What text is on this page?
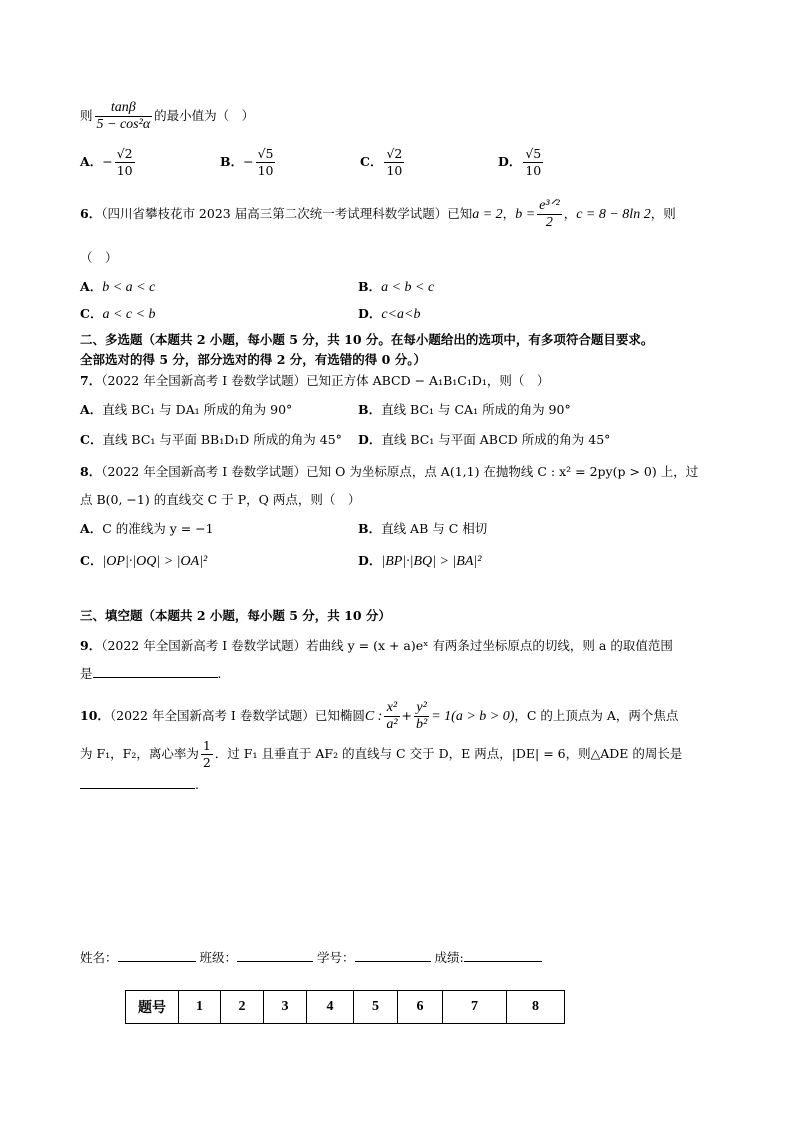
则 $\frac{\tan\beta}{\text{5 − cos²α}}$ 的最小值为（　）
A．− $\frac{√2}{10}$	B．− $\frac{√5}{10}$	C． $\frac{√2}{10}$	D． $\frac{√5}{10}$
6．（四川省攀枝花市 2023 届高三第二次统一考试理科数学试题）已知a = 2，$b = \frac{\text{e³ᐟ²}}{2}$ ，c = 8 − 8ln 2，则
（　）
A．b < a < c	B．a < b < c
C．a < c < b	D．c<a<b
二、多选题（本题共 2 小题，每小题 5 分，共 10 分。在每小题给出的选项中，有多项符合题目要求。
全部选对的得 5 分，部分选对的得 2 分，有选错的得 0 分。）
7．（2022 年全国新高考 I 卷数学试题）已知正方体 ABCD − A₁B₁C₁D₁，则（　）
A．直线 BC₁ 与 DA₁ 所成的角为 90°	B．直线 BC₁ 与 CA₁ 所成的角为 90°
C．直线 BC₁ 与平面 BB₁D₁D 所成的角为 45° D．直线 BC₁ 与平面 ABCD 所成的角为 45°
8．（2022 年全国新高考 I 卷数学试题）已知 O 为坐标原点，点 A(1,1) 在抛物线 C : x² = 2py(p > 0) 上，过
点 B(0, −1) 的直线交 C 于 P，Q 两点，则（　）
A．C 的准线为 y = −1	B．直线 AB 与 C 相切
C．|OP|·|OQ| > |OA|²	D．|BP|·|BQ| > |BA|²
三、填空题（本题共 2 小题，每小题 5 分，共 10 分）
9．（2022 年全国新高考 I 卷数学试题）若曲线 y = (x + a)eˣ 有两条过坐标原点的切线，则 a 的取值范围
是	.
10．（2022 年全国新高考 I 卷数学试题）已知椭圆C : $\frac{\text{x²}}{\text{a²}} + \frac{\text{y²}}{\text{b²}} = 1(a > b > 0)$，C 的上顶点为 A，两个焦点
为 F₁，F₂，离心率为 $\frac{1}{2}$ ．过 F₁ 且垂直于 AF₂ 的直线与 C 交于 D，E 两点，|DE| = 6，则△ADE 的周长是
.
姓名：	班级：	学号：	成绩:
题号	1	2	3	4	5	6	7	8
